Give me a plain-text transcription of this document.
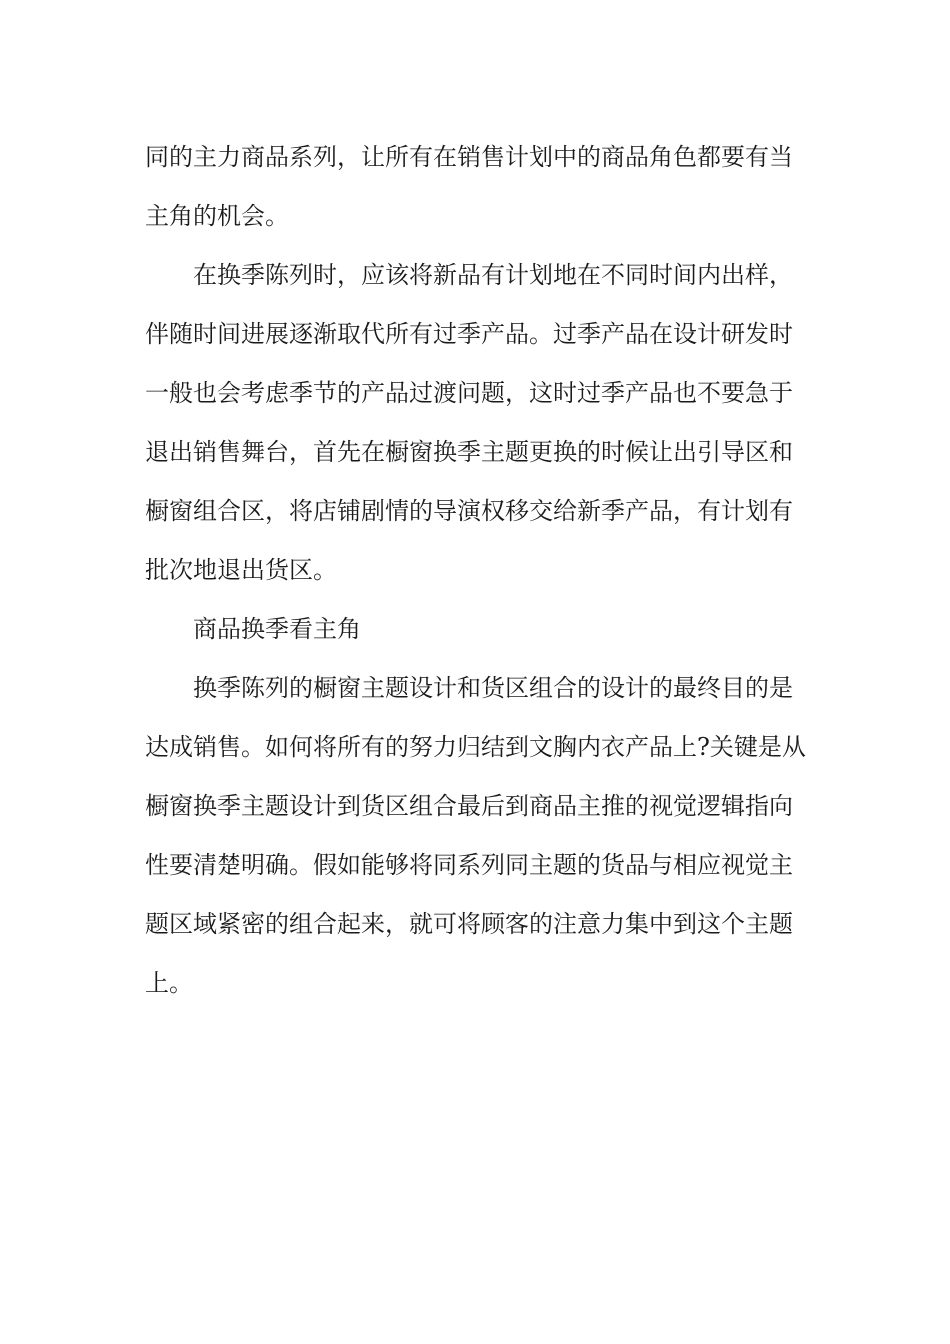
同的主力商品系列，让所有在销售计划中的商品角色都要有当
主角的机会。
在换季陈列时，应该将新品有计划地在不同时间内出样，
伴随时间进展逐渐取代所有过季产品。过季产品在设计研发时
一般也会考虑季节的产品过渡问题，这时过季产品也不要急于
退出销售舞台，首先在橱窗换季主题更换的时候让出引导区和
橱窗组合区，将店铺剧情的导演权移交给新季产品，有计划有
批次地退出货区。
商品换季看主角
换季陈列的橱窗主题设计和货区组合的设计的最终目的是
达成销售。如何将所有的努力归结到文胸内衣产品上?关键是从
橱窗换季主题设计到货区组合最后到商品主推的视觉逻辑指向
性要清楚明确。假如能够将同系列同主题的货品与相应视觉主
题区域紧密的组合起来，就可将顾客的注意力集中到这个主题
上。
